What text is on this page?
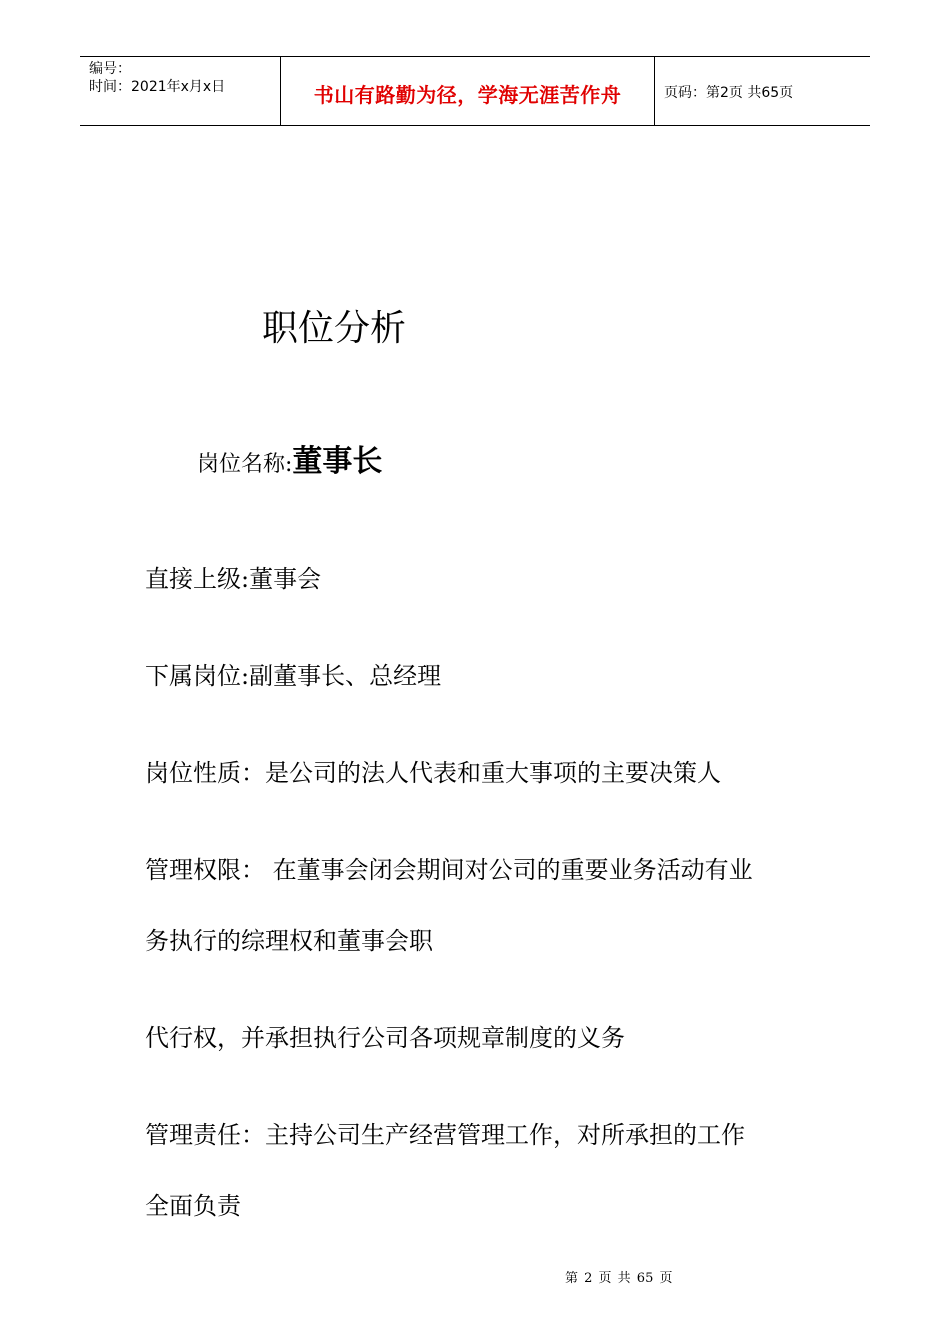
编号：
时间：2021年x月x日	书山有路勤为径，学海无涯苦作舟	页码：第2页 共65页
职位分析
岗位名称:董事长
直接上级:董事会
下属岗位:副董事长、总经理
岗位性质：是公司的法人代表和重大事项的主要决策人
管理权限： 在董事会闭会期间对公司的重要业务活动有业
务执行的综理权和董事会职
代行权，并承担执行公司各项规章制度的义务
管理责任：主持公司生产经营管理工作，对所承担的工作
全面负责
第 2 页 共 65 页
